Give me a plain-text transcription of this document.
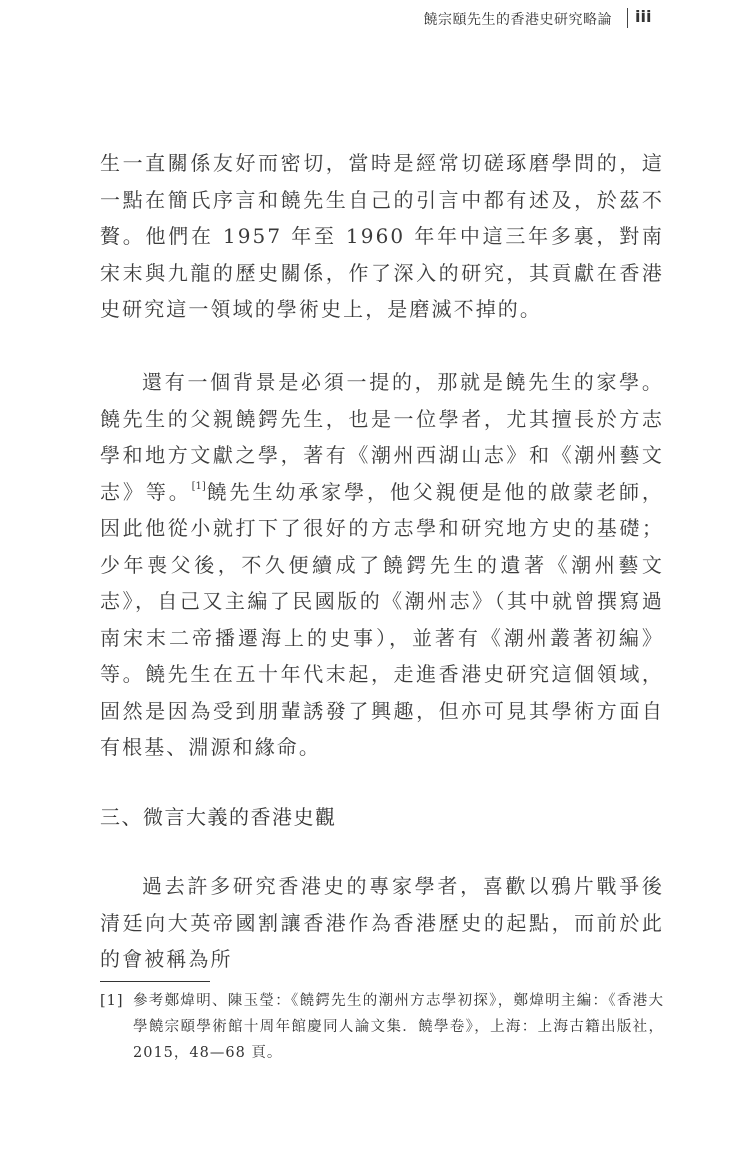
饒宗頤先生的香港史研究略論 iii

生一直關係友好而密切，當時是經常切磋琢磨學問的，這一點在簡氏序言和饒先生自己的引言中都有述及，於茲不贅。他們在 1957 年至 1960 年年中這三年多裏，對南宋末與九龍的歷史關係，作了深入的研究，其貢獻在香港史研究這一領域的學術史上，是磨滅不掉的。

還有一個背景是必須一提的，那就是饒先生的家學。饒先生的父親饒鍔先生，也是一位學者，尤其擅長於方志學和地方文獻之學，著有《潮州西湖山志》和《潮州藝文志》等。[1]饒先生幼承家學，他父親便是他的啟蒙老師，因此他從小就打下了很好的方志學和研究地方史的基礎；少年喪父後，不久便續成了饒鍔先生的遺著《潮州藝文志》，自己又主編了民國版的《潮州志》（其中就曾撰寫過南宋末二帝播遷海上的史事），並著有《潮州叢著初編》等。饒先生在五十年代末起，走進香港史研究這個領域，固然是因為受到朋輩誘發了興趣，但亦可見其學術方面自有根基、淵源和緣命。

三、微言大義的香港史觀

過去許多研究香港史的專家學者，喜歡以鴉片戰爭後清廷向大英帝國割讓香港作為香港歷史的起點，而前於此的會被稱為所

[1] 參考鄭煒明、陳玉瑩：《饒鍔先生的潮州方志學初探》，鄭煒明主編：《香港大學饒宗頤學術館十周年館慶同人論文集．饒學卷》，上海：上海古籍出版社，2015，48—68 頁。
